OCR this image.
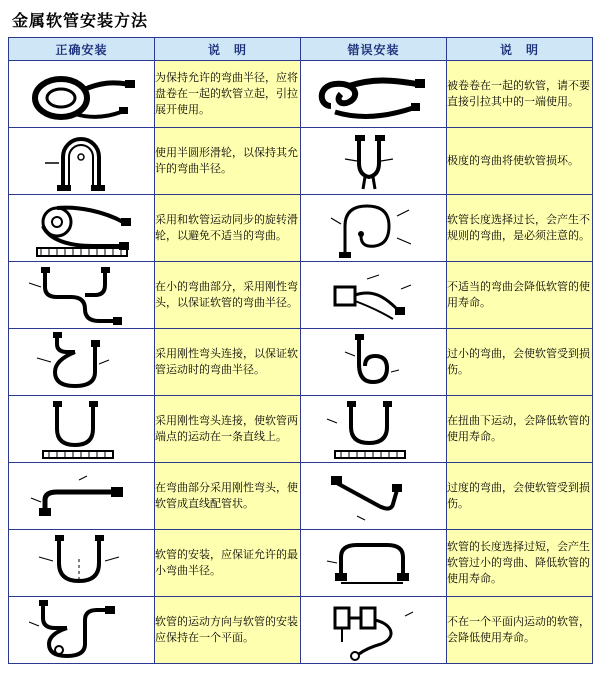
金属软管安装方法
正确安装	说　明	错误安装	说　明

	为保持允许的弯曲半径，应将盘卷在一起的软管立起，引拉展开使用。		被卷卷在一起的软管，请不要直接引拉其中的一端使用。

	使用半圆形滑轮，以保持其允许的弯曲半径。		极度的弯曲将使软管损坏。

	采用和软管运动同步的旋转滑轮，以避免不适当的弯曲。		软管长度选择过长，会产生不规则的弯曲，是必须注意的。

	在小的弯曲部分，采用刚性弯头，以保证软管的弯曲半径。		不适当的弯曲会降低软管的使用寿命。

	采用刚性弯头连接，以保证软管运动时的弯曲半径。		过小的弯曲，会使软管受到损伤。

	采用刚性弯头连接，使软管两端点的运动在一条直线上。		在扭曲下运动，会降低软管的使用寿命。

	在弯曲部分采用刚性弯头，使软管成直线配管状。		过度的弯曲，会使软管受到损伤。

	软管的安装，应保证允许的最小弯曲半径。		软管的长度选择过短，会产生软管过小的弯曲、降低软管的使用寿命。

	软管的运动方向与软管的安装应保持在一个平面。		不在一个平面内运动的软管，会降低使用寿命。
